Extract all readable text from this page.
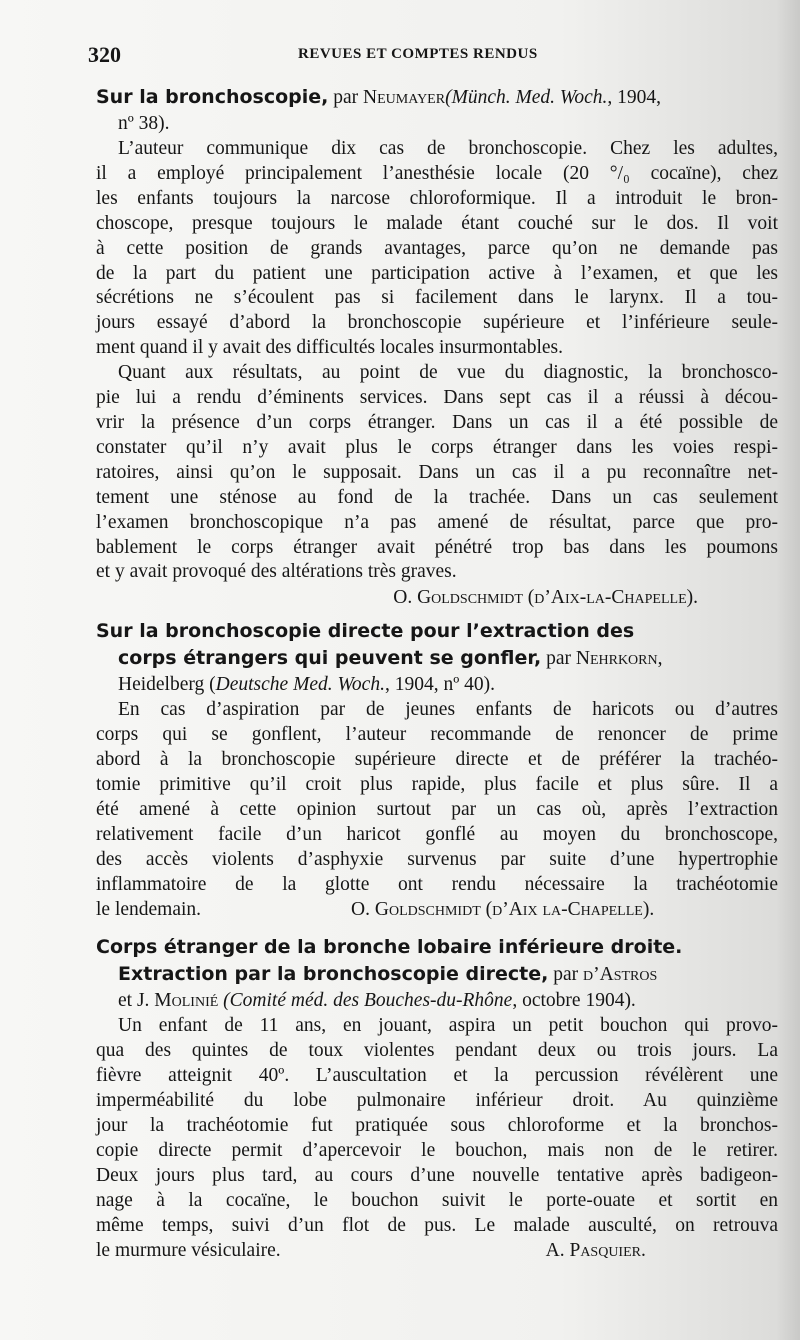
320	REVUES ET COMPTES RENDUS

Sur la bronchoscopie, par Neumayer(Münch. Med. Woch., 1904,

nº 38).

L’auteur communique dix cas de bronchoscopie. Chez les adultes,
il a employé principalement l’anesthésie locale (20 °/₀ cocaïne), chez
les enfants toujours la narcose chloroformique. Il a introduit le bron-
choscope, presque toujours le malade étant couché sur le dos. Il voit
à cette position de grands avantages, parce qu’on ne demande pas
de la part du patient une participation active à l’examen, et que les
sécrétions ne s’écoulent pas si facilement dans le larynx. Il a tou-
jours essayé d’abord la bronchoscopie supérieure et l’inférieure seule-
ment quand il y avait des difficultés locales insurmontables.
Quant aux résultats, au point de vue du diagnostic, la bronchosco-
pie lui a rendu d’éminents services. Dans sept cas il a réussi à décou-
vrir la présence d’un corps étranger. Dans un cas il a été possible de
constater qu’il n’y avait plus le corps étranger dans les voies respi-
ratoires, ainsi qu’on le supposait. Dans un cas il a pu reconnaître net-
tement une sténose au fond de la trachée. Dans un cas seulement
l’examen bronchoscopique n’a pas amené de résultat, parce que pro-
bablement le corps étranger avait pénétré trop bas dans les poumons
et y avait provoqué des altérations très graves.
O. Goldschmidt (d’Aix-la-Chapelle).

Sur la bronchoscopie directe pour l’extraction des

corps étrangers qui peuvent se gonfler, par Nehrkorn,

Heidelberg (Deutsche Med. Woch., 1904, nº 40).

En cas d’aspiration par de jeunes enfants de haricots ou d’autres
corps qui se gonflent, l’auteur recommande de renoncer de prime
abord à la bronchoscopie supérieure directe et de préférer la trachéo-
tomie primitive qu’il croit plus rapide, plus facile et plus sûre. Il a
été amené à cette opinion surtout par un cas où, après l’extraction
relativement facile d’un haricot gonflé au moyen du bronchoscope,
des accès violents d’asphyxie survenus par suite d’une hypertrophie
inflammatoire de la glotte ont rendu nécessaire la trachéotomie
le lendemain.	O. Goldschmidt (d’Aix la-Chapelle).

Corps étranger de la bronche lobaire inférieure droite.

Extraction par la bronchoscopie directe, par d’Astros

et J. Molinié (Comité méd. des Bouches-du-Rhône, octobre 1904).

Un enfant de 11 ans, en jouant, aspira un petit bouchon qui provo-
qua des quintes de toux violentes pendant deux ou trois jours. La
fièvre atteignit 40º. L’auscultation et la percussion révélèrent une
imperméabilité du lobe pulmonaire inférieur droit. Au quinzième
jour la trachéotomie fut pratiquée sous chloroforme et la bronchos-
copie directe permit d’apercevoir le bouchon, mais non de le retirer.
Deux jours plus tard, au cours d’une nouvelle tentative après badigeon-
nage à la cocaïne, le bouchon suivit le porte-ouate et sortit en
même temps, suivi d’un flot de pus. Le malade ausculté, on retrouva
le murmure vésiculaire.	A. Pasquier.
